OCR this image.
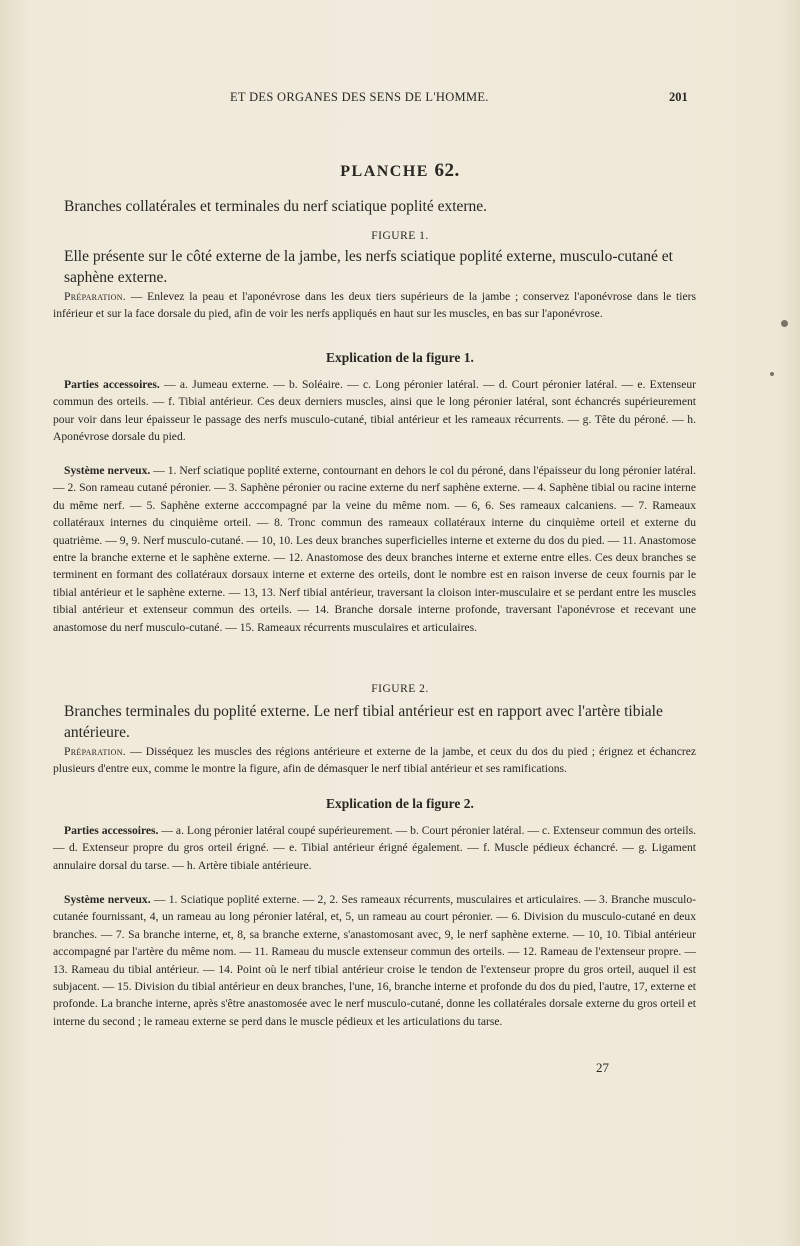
ET DES ORGANES DES SENS DE L'HOMME.	201
PLANCHE 62.
Branches collatérales et terminales du nerf sciatique poplité externe.
FIGURE 1.
Elle présente sur le côté externe de la jambe, les nerfs sciatique poplité externe, musculo-cutané et saphène externe.
Préparation. — Enlevez la peau et l'aponévrose dans les deux tiers supérieurs de la jambe ; conservez l'aponévrose dans le tiers inférieur et sur la face dorsale du pied, afin de voir les nerfs appliqués en haut sur les muscles, en bas sur l'aponévrose.
Explication de la figure 1.
Parties accessoires. — a. Jumeau externe. — b. Soléaire. — c. Long péronier latéral. — d. Court péronier latéral. — e. Extenseur commun des orteils. — f. Tibial antérieur. Ces deux derniers muscles, ainsi que le long péronier latéral, sont échancrés supérieurement pour voir dans leur épaisseur le passage des nerfs musculo-cutané, tibial antérieur et les rameaux récurrents. — g. Tête du péroné. — h. Aponévrose dorsale du pied.
Système nerveux. — 1. Nerf sciatique poplité externe, contournant en dehors le col du péroné, dans l'épaisseur du long péronier latéral. — 2. Son rameau cutané péronier. — 3. Saphène péronier ou racine externe du nerf saphène externe. — 4. Saphène tibial ou racine interne du même nerf. — 5. Saphène externe acccompagné par la veine du même nom. — 6, 6. Ses rameaux calcaniens. — 7. Rameaux collatéraux internes du cinquième orteil. — 8. Tronc commun des rameaux collatéraux interne du cinquième orteil et externe du quatrième. — 9, 9. Nerf musculo-cutané. — 10, 10. Les deux branches superficielles interne et externe du dos du pied. — 11. Anastomose entre la branche externe et le saphène externe. — 12. Anastomose des deux branches interne et externe entre elles. Ces deux branches se terminent en formant des collatéraux dorsaux interne et externe des orteils, dont le nombre est en raison inverse de ceux fournis par le tibial antérieur et le saphène externe. — 13, 13. Nerf tibial antérieur, traversant la cloison inter-musculaire et se perdant entre les muscles tibial antérieur et extenseur commun des orteils. — 14. Branche dorsale interne profonde, traversant l'aponévrose et recevant une anastomose du nerf musculo-cutané. — 15. Rameaux récurrents musculaires et articulaires.
FIGURE 2.
Branches terminales du poplité externe. Le nerf tibial antérieur est en rapport avec l'artère tibiale antérieure.
Préparation. — Disséquez les muscles des régions antérieure et externe de la jambe, et ceux du dos du pied ; érignez et échancrez plusieurs d'entre eux, comme le montre la figure, afin de démasquer le nerf tibial antérieur et ses ramifications.
Explication de la figure 2.
Parties accessoires. — a. Long péronier latéral coupé supérieurement. — b. Court péronier latéral. — c. Extenseur commun des orteils. — d. Extenseur propre du gros orteil érigné. — e. Tibial antérieur érigné également. — f. Muscle pédieux échancré. — g. Ligament annulaire dorsal du tarse. — h. Artère tibiale antérieure.
Système nerveux. — 1. Sciatique poplité externe. — 2, 2. Ses rameaux récurrents, musculaires et articulaires. — 3. Branche musculo-cutanée fournissant, 4, un rameau au long péronier latéral, et, 5, un rameau au court péronier. — 6. Division du musculo-cutané en deux branches. — 7. Sa branche interne, et, 8, sa branche externe, s'anastomosant avec, 9, le nerf saphène externe. — 10, 10. Tibial antérieur accompagné par l'artère du même nom. — 11. Rameau du muscle extenseur commun des orteils. — 12. Rameau de l'extenseur propre. — 13. Rameau du tibial antérieur. — 14. Point où le nerf tibial antérieur croise le tendon de l'extenseur propre du gros orteil, auquel il est subjacent. — 15. Division du tibial antérieur en deux branches, l'une, 16, branche interne et profonde du dos du pied, l'autre, 17, externe et profonde. La branche interne, après s'être anastomosée avec le nerf musculo-cutané, donne les collatérales dorsale externe du gros orteil et interne du second ; le rameau externe se perd dans le muscle pédieux et les articulations du tarse.
27
